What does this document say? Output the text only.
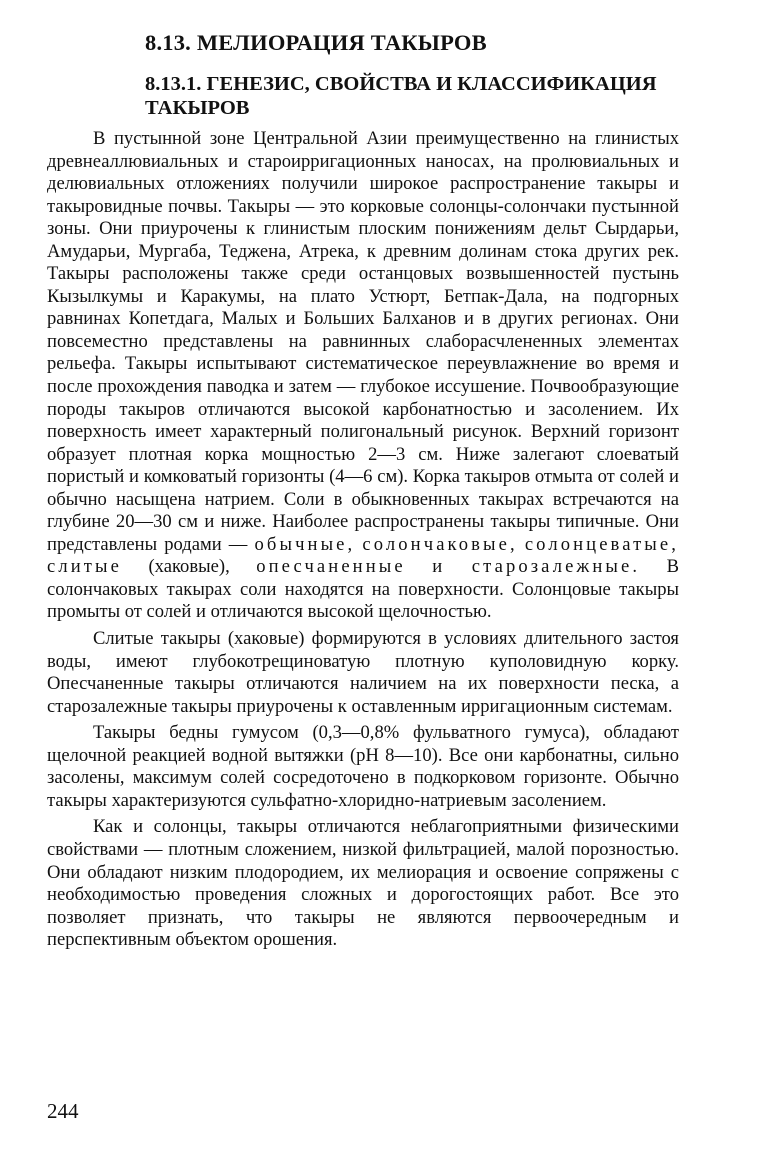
8.13. МЕЛИОРАЦИЯ ТАКЫРОВ
8.13.1. ГЕНЕЗИС, СВОЙСТВА И КЛАССИФИКАЦИЯ ТАКЫРОВ

В пустынной зоне Центральной Азии преимущественно на глинистых древнеаллювиальных и староирригационных наносах, на пролювиальных и делювиальных отложениях получили широкое распространение такыры и такыровидные почвы. Такыры — это корковые солонцы-солончаки пустынной зоны. Они приурочены к глинистым плоским понижениям дельт Сырдарьи, Амударьи, Мургаба, Теджена, Атрека, к древним долинам стока других рек. Такыры расположены также среди останцовых возвышенностей пустынь Кызылкумы и Каракумы, на плато Устюрт, Бетпак-Дала, на подгорных равнинах Копетдага, Малых и Больших Балханов и в других регионах. Они повсеместно представлены на равнинных слаборасчлененных элементах рельефа. Такыры испытывают систематическое переувлажнение во время и после прохождения паводка и затем — глубокое иссушение. Почвообразующие породы такыров отличаются высокой карбонатностью и засолением. Их поверхность имеет характерный полигональный рисунок. Верхний горизонт образует плотная корка мощностью 2—3 см. Ниже залегают слоеватый пористый и комковатый горизонты (4—6 см). Корка такыров отмыта от солей и обычно насыщена натрием. Соли в обыкновенных такырах встречаются на глубине 20—30 см и ниже. Наиболее распространены такыры типичные. Они представлены родами — обычные, солончаковые, солонцеватые, слитые (хаковые), опесчаненные и старозалежные. В солончаковых такырах соли находятся на поверхности. Солонцовые такыры промыты от солей и отличаются высокой щелочностью.

Слитые такыры (хаковые) формируются в условиях длительного застоя воды, имеют глубокотрещиноватую плотную куполовидную корку. Опесчаненные такыры отличаются наличием на их поверхности песка, а старозалежные такыры приурочены к оставленным ирригационным системам.

Такыры бедны гумусом (0,3—0,8% фульватного гумуса), обладают щелочной реакцией водной вытяжки (рН 8—10). Все они карбонатны, сильно засолены, максимум солей сосредоточено в подкорковом горизонте. Обычно такыры характеризуются сульфатно-хлоридно-натриевым засолением.

Как и солонцы, такыры отличаются неблагоприятными физическими свойствами — плотным сложением, низкой фильтрацией, малой порозностью. Они обладают низким плодородием, их мелиорация и освоение сопряжены с необходимостью проведения сложных и дорогостоящих работ. Все это позволяет признать, что такыры не являются первоочередным и перспективным объектом орошения.

244
